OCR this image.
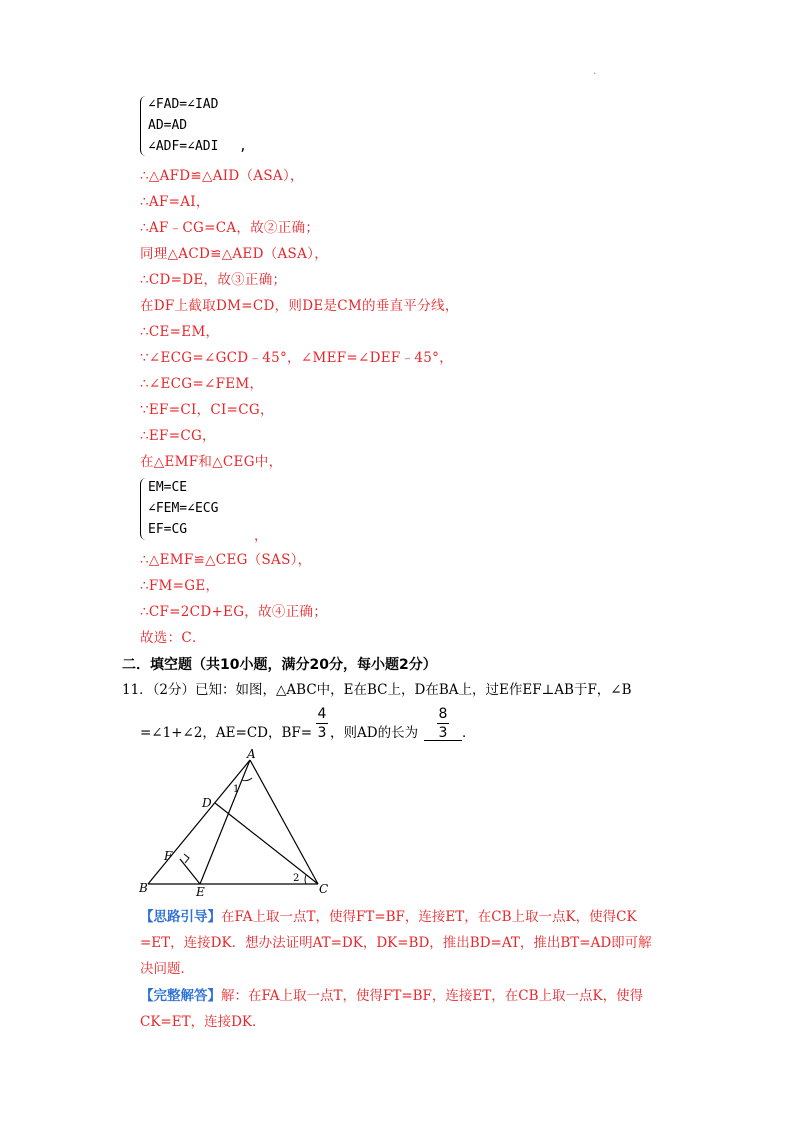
.
∠FAD=∠IAD
AD=AD
∠ADF=∠ADI ,
∴△AFD≌△AID（ASA），
∴AF=AI，
∴AF﹣CG=CA，故②正确；
同理△ACD≌△AED（ASA），
∴CD=DE，故③正确；
在DF上截取DM=CD，则DE是CM的垂直平分线，
∴CE=EM，
∵∠ECG=∠GCD﹣45°，∠MEF=∠DEF﹣45°，
∴∠ECG=∠FEM，
∵EF=CI，CI=CG，
∴EF=CG，
在△EMF和△CEG中，
EM=CE
∠FEM=∠ECG
EF=CG	，
∴△EMF≌△CEG（SAS），
∴FM=GE，
∴CF=2CD+EG，故④正确；
故选：C．
二．填空题（共10小题，满分20分，每小题2分）
11．（2分）已知：如图，△ABC中，E在BC上，D在BA上，过E作EF⊥AB于F，∠B
=∠1+∠2，AE=CD，BF=
4
3 ，则AD的长为
8
3 ．
A
B	C
D
E
F
1
2
【思路引导】在FA上取一点T，使得FT=BF，连接ET，在CB上取一点K，使得CK
=ET，连接DK．想办法证明AT=DK，DK=BD，推出BD=AT，推出BT=AD即可解
决问题．
【完整解答】解：在FA上取一点T，使得FT=BF，连接ET，在CB上取一点K，使得
CK=ET，连接DK．
